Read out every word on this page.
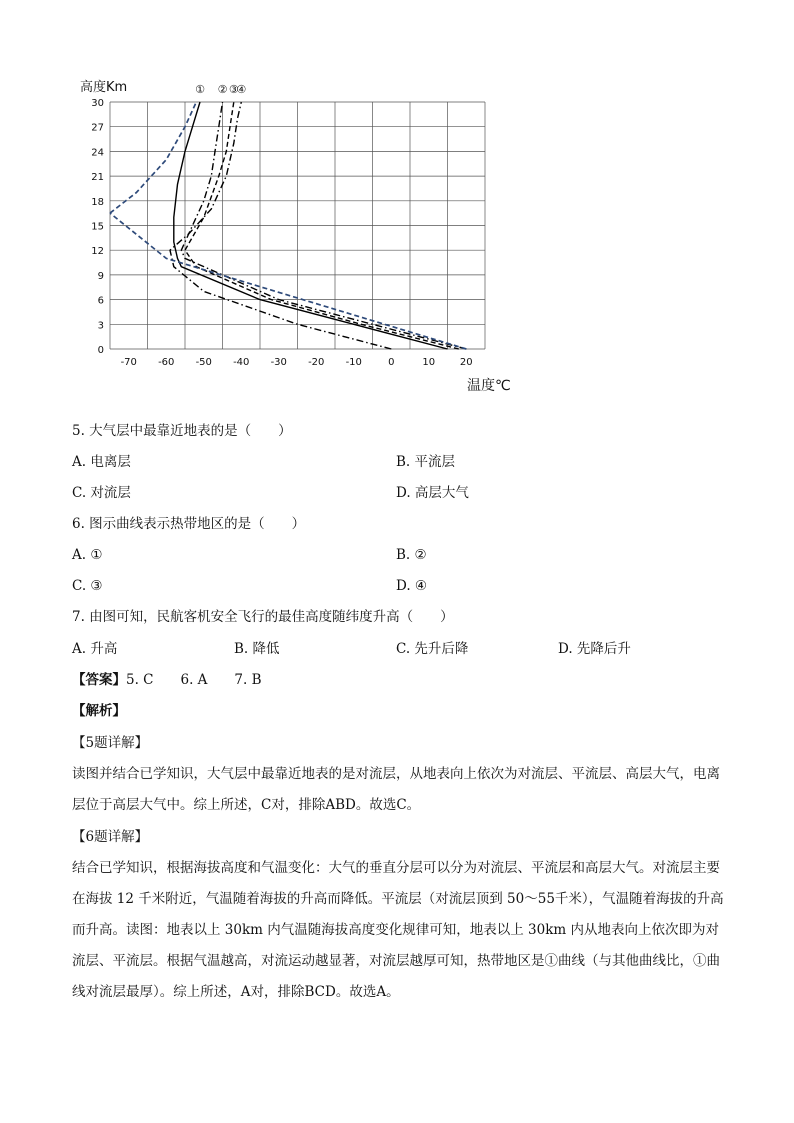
0
3
6
9
12
15
18
21
24
27
30
-70 -60 -50 -40 -30 -20 -10	0	10 20
高度Km
温度℃
① ② ③
④
5. 大气层中最靠近地表的是（　　）
A. 电离层	B. 平流层
C. 对流层	D. 高层大气
6. 图示曲线表示热带地区的是（　　）
A. ①	B. ②
C. ③	D. ④
7. 由图可知，民航客机安全飞行的最佳高度随纬度升高（　　）
A. 升高	B. 降低	C. 先升后降	D. 先降后升
【答案】5. C　　6. A　　7. B
【解析】
【5题详解】
读图并结合已学知识，大气层中最靠近地表的是对流层，从地表向上依次为对流层、平流层、高层大气，电离层位于高层大气中。综上所述，C对，排除ABD。故选C。
【6题详解】
结合已学知识，根据海拔高度和气温变化：大气的垂直分层可以分为对流层、平流层和高层大气。对流层主要在海拔 12 千米附近，气温随着海拔的升高而降低。平流层（对流层顶到 50～55千米），气温随着海拔的升高而升高。读图：地表以上 30km 内气温随海拔高度变化规律可知，地表以上 30km 内从地表向上依次即为对流层、平流层。根据气温越高，对流运动越显著，对流层越厚可知，热带地区是①曲线（与其他曲线比，①曲线对流层最厚）。综上所述，A对，排除BCD。故选A。
